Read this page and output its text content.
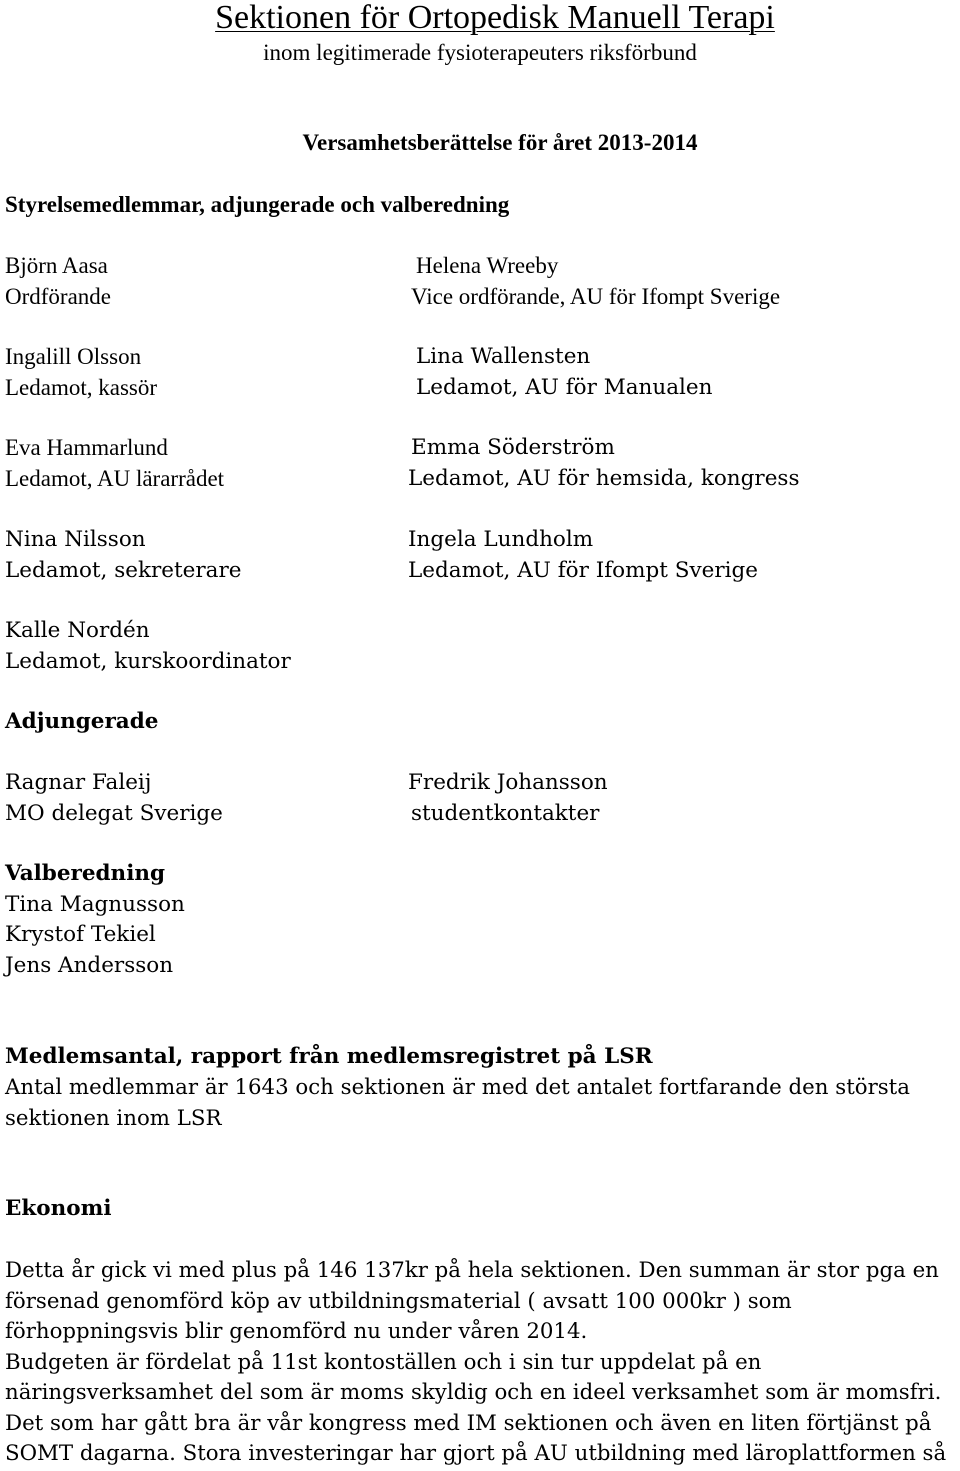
Sektionen för Ortopedisk Manuell Terapi
inom legitimerade fysioterapeuters riksförbund
Versamhetsberättelse för året 2013-2014
Styrelsemedlemmar, adjungerade och valberedning
Björn Aasa
Ordförande
Ingalill Olsson
Ledamot, kassör
Eva Hammarlund
Ledamot, AU lärarrådet
Nina Nilsson
Ledamot, sekreterare
Kalle Nordén
Ledamot, kurskoordinator
Helena Wreeby
Vice ordförande, AU för Ifompt Sverige
Lina Wallensten
Ledamot, AU för Manualen
Emma Söderström
Ledamot, AU för hemsida, kongress
Ingela Lundholm
Ledamot, AU för Ifompt Sverige
Adjungerade
Ragnar Faleij
MO delegat Sverige
Fredrik Johansson
studentkontakter
Valberedning
Tina Magnusson
Krystof Tekiel
Jens Andersson
Medlemsantal, rapport från medlemsregistret på LSR
Antal medlemmar är 1643 och sektionen är med det antalet fortfarande den största
sektionen inom LSR
Ekonomi
Detta år gick vi med plus på 146 137kr på hela sektionen. Den summan är stor pga en
försenad genomförd köp av utbildningsmaterial ( avsatt 100 000kr ) som
förhoppningsvis blir genomförd nu under våren 2014.
Budgeten är fördelat på 11st kontoställen och i sin tur uppdelat på en
näringsverksamhet del som är moms skyldig och en ideel verksamhet som är momsfri.
Det som har gått bra är vår kongress med IM sektionen och även en liten förtjänst på
SOMT dagarna. Stora investeringar har gjort på AU utbildning med läroplattformen så
